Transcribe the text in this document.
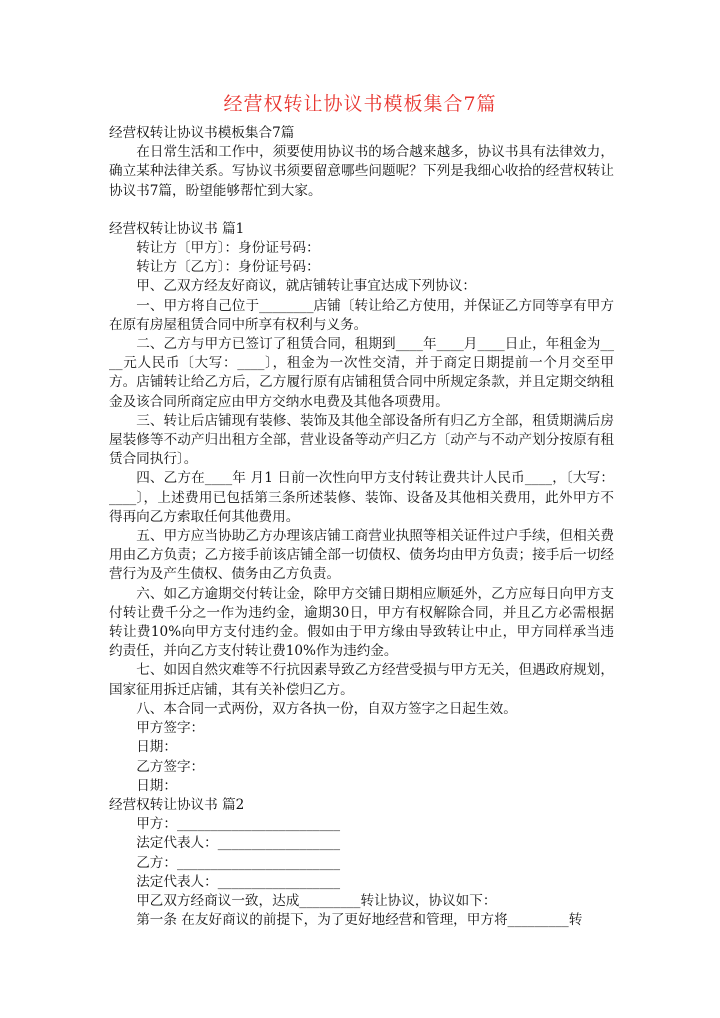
经营权转让协议书模板集合7篇

经营权转让协议书模板集合7篇

在日常生活和工作中，须要使用协议书的场合越来越多，协议书具有法律效力，确立某种法律关系。写协议书须要留意哪些问题呢？下列是我细心收拾的经营权转让协议书7篇，盼望能够帮忙到大家。

经营权转让协议书 篇1

转让方〔甲方〕：身份证号码：

转让方〔乙方〕：身份证号码：

甲、乙双方经友好商议，就店铺转让事宜达成下列协议：

一、甲方将自己位于________店铺〔转让给乙方使用，并保证乙方同等享有甲方在原有房屋租赁合同中所享有权利与义务。

二、乙方与甲方已签订了租赁合同，租期到____年____月____日止，年租金为____元人民币〔大写：____〕，租金为一次性交清，并于商定日期提前一个月交至甲方。店铺转让给乙方后，乙方履行原有店铺租赁合同中所规定条款，并且定期交纳租金及该合同所商定应由甲方交纳水电费及其他各项费用。

三、转让后店铺现有装修、装饰及其他全部设备所有归乙方全部，租赁期满后房屋装修等不动产归出租方全部，营业设备等动产归乙方〔动产与不动产划分按原有租赁合同执行〕。

四、乙方在____年 月1 日前一次性向甲方支付转让费共计人民币____，〔大写：____〕，上述费用已包括第三条所述装修、装饰、设备及其他相关费用，此外甲方不得再向乙方索取任何其他费用。

五、甲方应当协助乙方办理该店铺工商营业执照等相关证件过户手续，但相关费用由乙方负责；乙方接手前该店铺全部一切债权、债务均由甲方负责；接手后一切经营行为及产生债权、债务由乙方负责。

六、如乙方逾期交付转让金，除甲方交铺日期相应顺延外，乙方应每日向甲方支付转让费千分之一作为违约金，逾期30日，甲方有权解除合同，并且乙方必需根据转让费10%向甲方支付违约金。假如由于甲方缘由导致转让中止，甲方同样承当违约责任，并向乙方支付转让费10%作为违约金。

七、如因自然灾难等不行抗因素导致乙方经营受损与甲方无关，但遇政府规划，国家征用拆迁店铺，其有关补偿归乙方。

八、本合同一式两份，双方各执一份，自双方签字之日起生效。

甲方签字：

日期：

乙方签字：

日期：

经营权转让协议书 篇2

甲方：________________________

法定代表人：__________________

乙方：________________________

法定代表人：__________________

甲乙双方经商议一致，达成_________转让协议，协议如下：

第一条 在友好商议的前提下，为了更好地经营和管理，甲方将_________转
